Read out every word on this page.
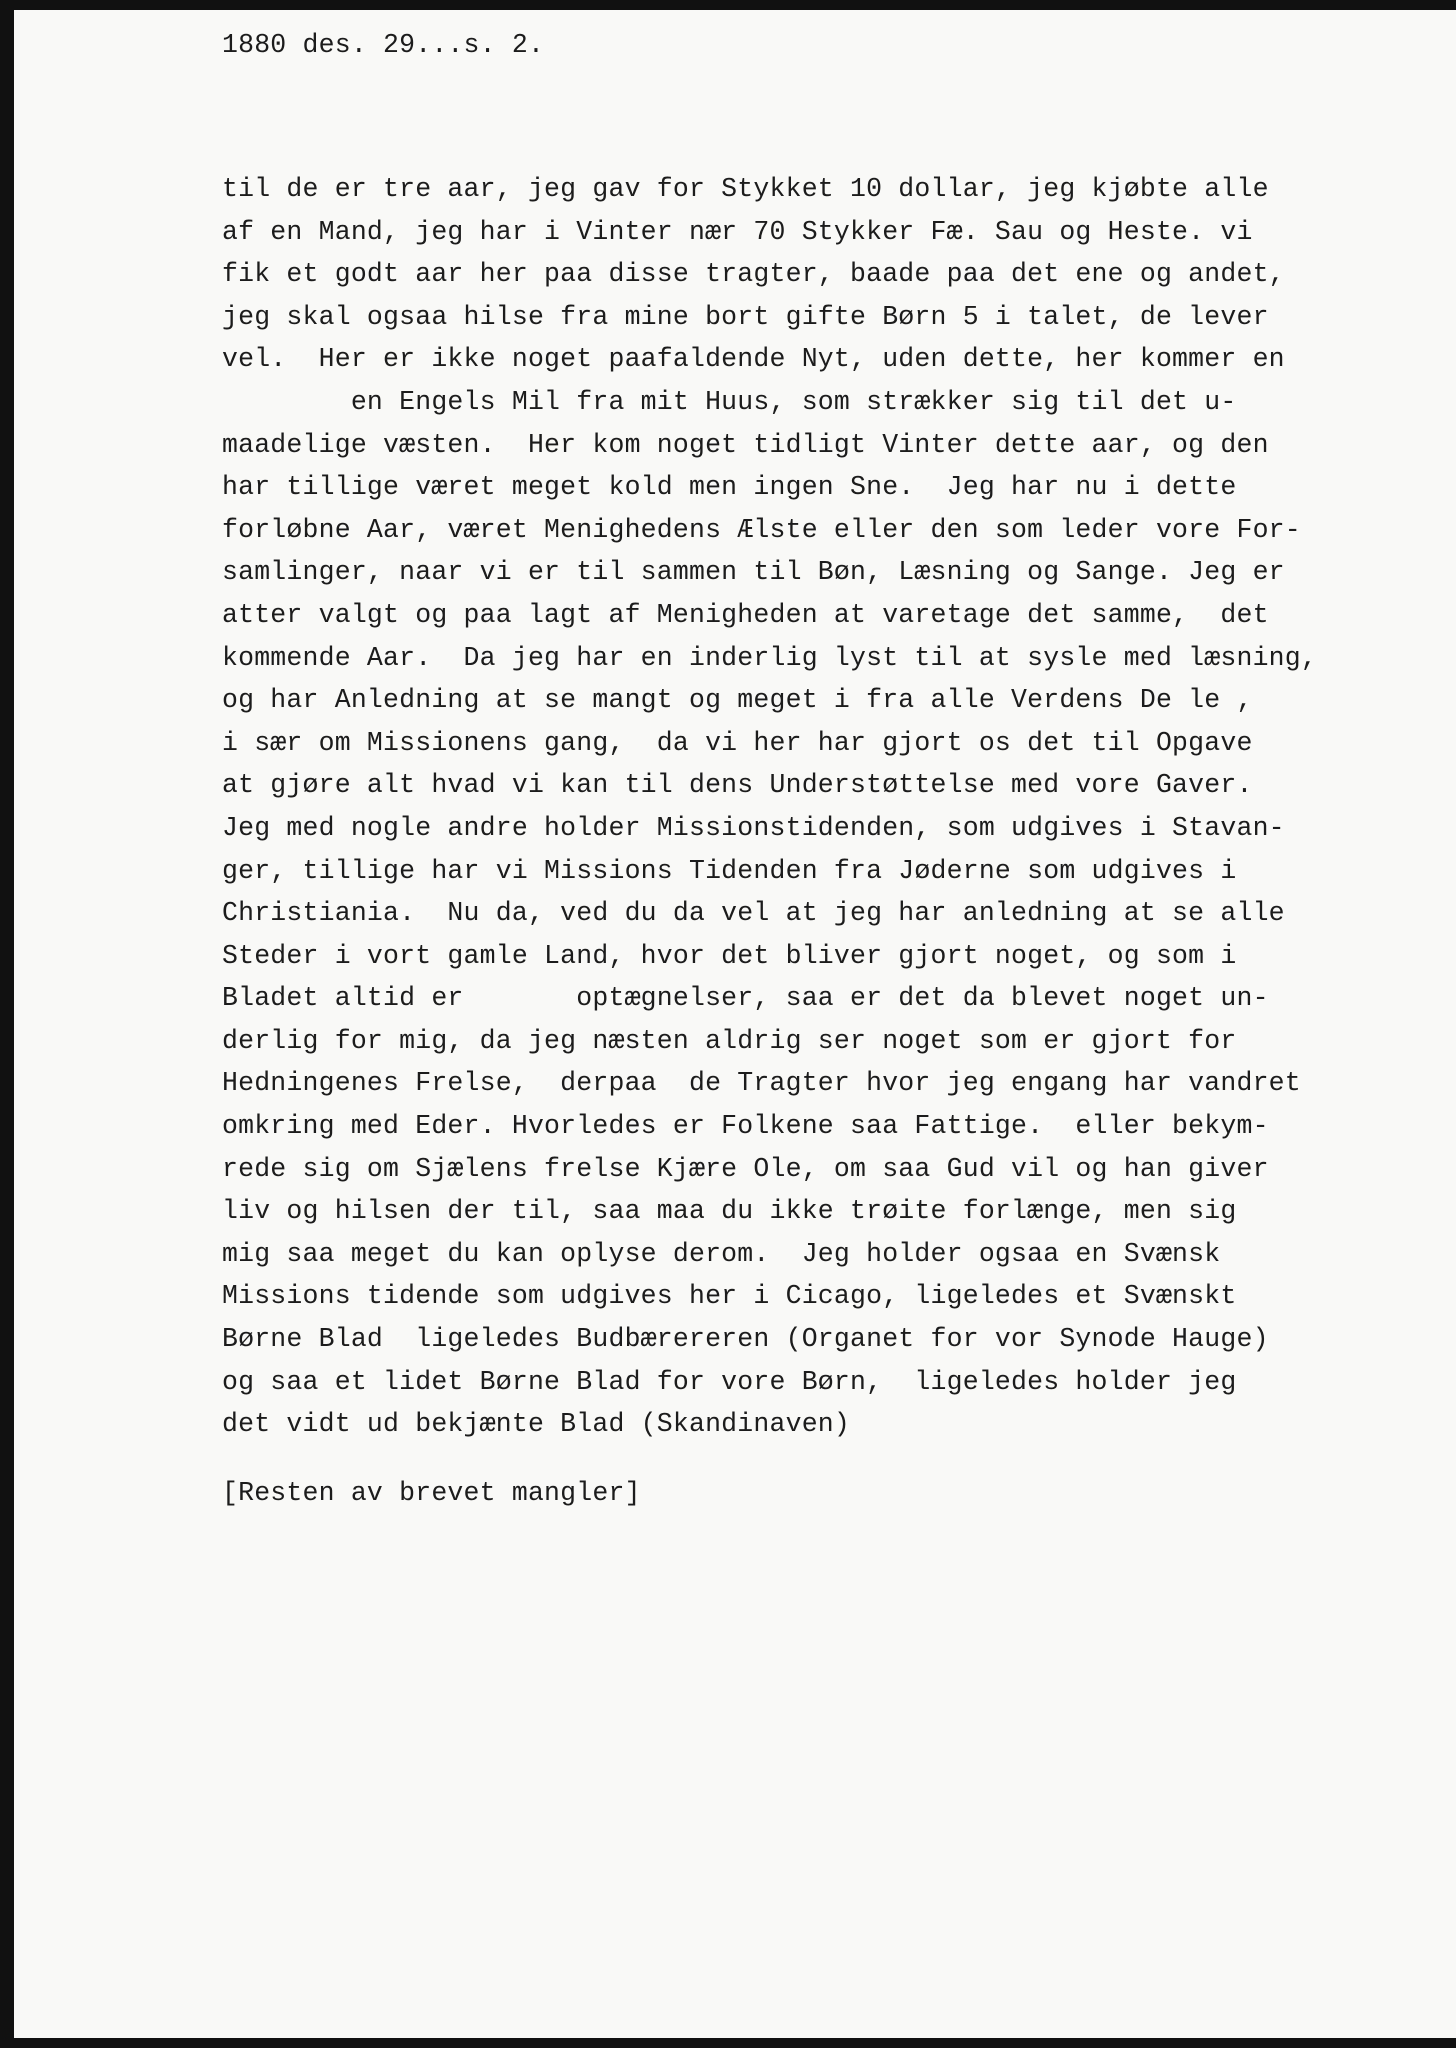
1880 des. 29...s. 2.
til de er tre aar, jeg gav for Stykket 10 dollar, jeg kjøbte alle
af en Mand, jeg har i Vinter nær 70 Stykker Fæ. Sau og Heste. vi
fik et godt aar her paa disse tragter, baade paa det ene og andet,
jeg skal ogsaa hilse fra mine bort gifte Børn 5 i talet, de lever
vel.  Her er ikke noget paafaldende Nyt, uden dette, her kommer en
en Engels Mil fra mit Huus, som strækker sig til det u-
maadelige væsten.  Her kom noget tidligt Vinter dette aar, og den
har tillige været meget kold men ingen Sne.  Jeg har nu i dette
forløbne Aar, været Menighedens Ælste eller den som leder vore For-
samlinger, naar vi er til sammen til Bøn, Læsning og Sange. Jeg er
atter valgt og paa lagt af Menigheden at varetage det samme,  det
kommende Aar.  Da jeg har en inderlig lyst til at sysle med læsning,
og har Anledning at se mangt og meget i fra alle Verdens De le ,
i sær om Missionens gang,  da vi her har gjort os det til Opgave
at gjøre alt hvad vi kan til dens Understøttelse med vore Gaver.
Jeg med nogle andre holder Missionstidenden, som udgives i Stavan-
ger, tillige har vi Missions Tidenden fra Jøderne som udgives i
Christiania.  Nu da, ved du da vel at jeg har anledning at se alle
Steder i vort gamle Land, hvor det bliver gjort noget, og som i
Bladet altid er       optægnelser, saa er det da blevet noget un-
derlig for mig, da jeg næsten aldrig ser noget som er gjort for
Hedningenes Frelse,  derpaa  de Tragter hvor jeg engang har vandret
omkring med Eder. Hvorledes er Folkene saa Fattige.  eller bekym-
rede sig om Sjælens frelse Kjære Ole, om saa Gud vil og han giver
liv og hilsen der til, saa maa du ikke trøite forlænge, men sig
mig saa meget du kan oplyse derom.  Jeg holder ogsaa en Svænsk
Missions tidende som udgives her i Cicago, ligeledes et Svænskt
Børne Blad  ligeledes Budbærereren (Organet for vor Synode Hauge)
og saa et lidet Børne Blad for vore Børn,  ligeledes holder jeg
det vidt ud bekjænte Blad (Skandinaven)
[Resten av brevet mangler]
